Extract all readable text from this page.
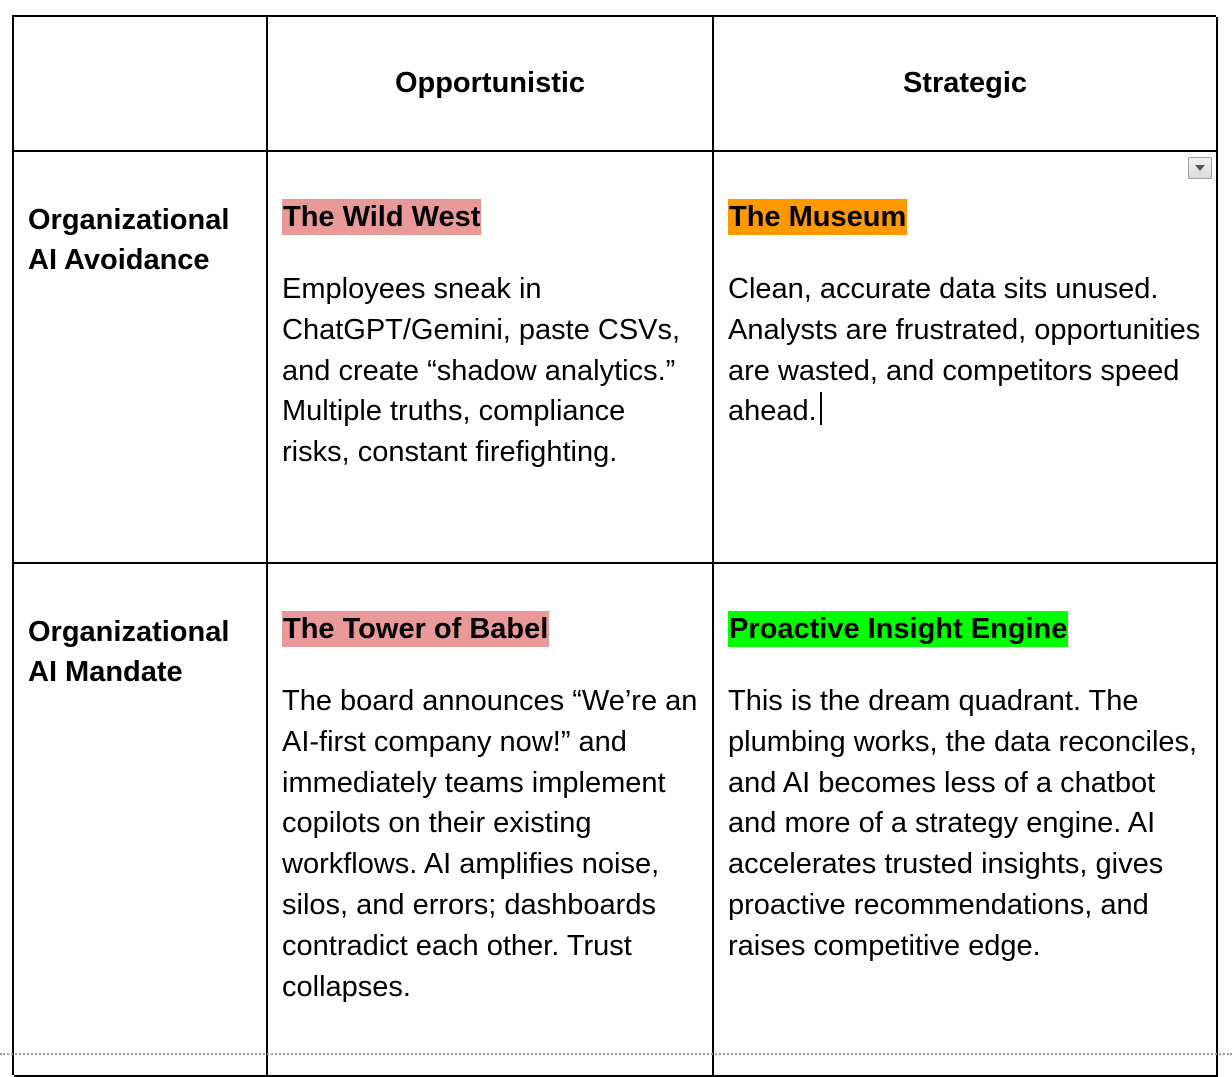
Opportunistic	Strategic
Organizational AI Avoidance
The Wild West
Employees sneak in ChatGPT/Gemini, paste CSVs, and create “shadow analytics.” Multiple truths, compliance risks, constant firefighting.
The Museum
Clean, accurate data sits unused. Analysts are frustrated, opportunities are wasted, and competitors speed ahead.
Organizational AI Mandate
The Tower of Babel
The board announces “We’re an AI-first company now!” and immediately teams implement copilots on their existing workflows. AI amplifies noise, silos, and errors; dashboards contradict each other. Trust collapses.
Proactive Insight Engine
This is the dream quadrant. The plumbing works, the data reconciles, and AI becomes less of a chatbot and more of a strategy engine. AI accelerates trusted insights, gives proactive recommendations, and raises competitive edge.
